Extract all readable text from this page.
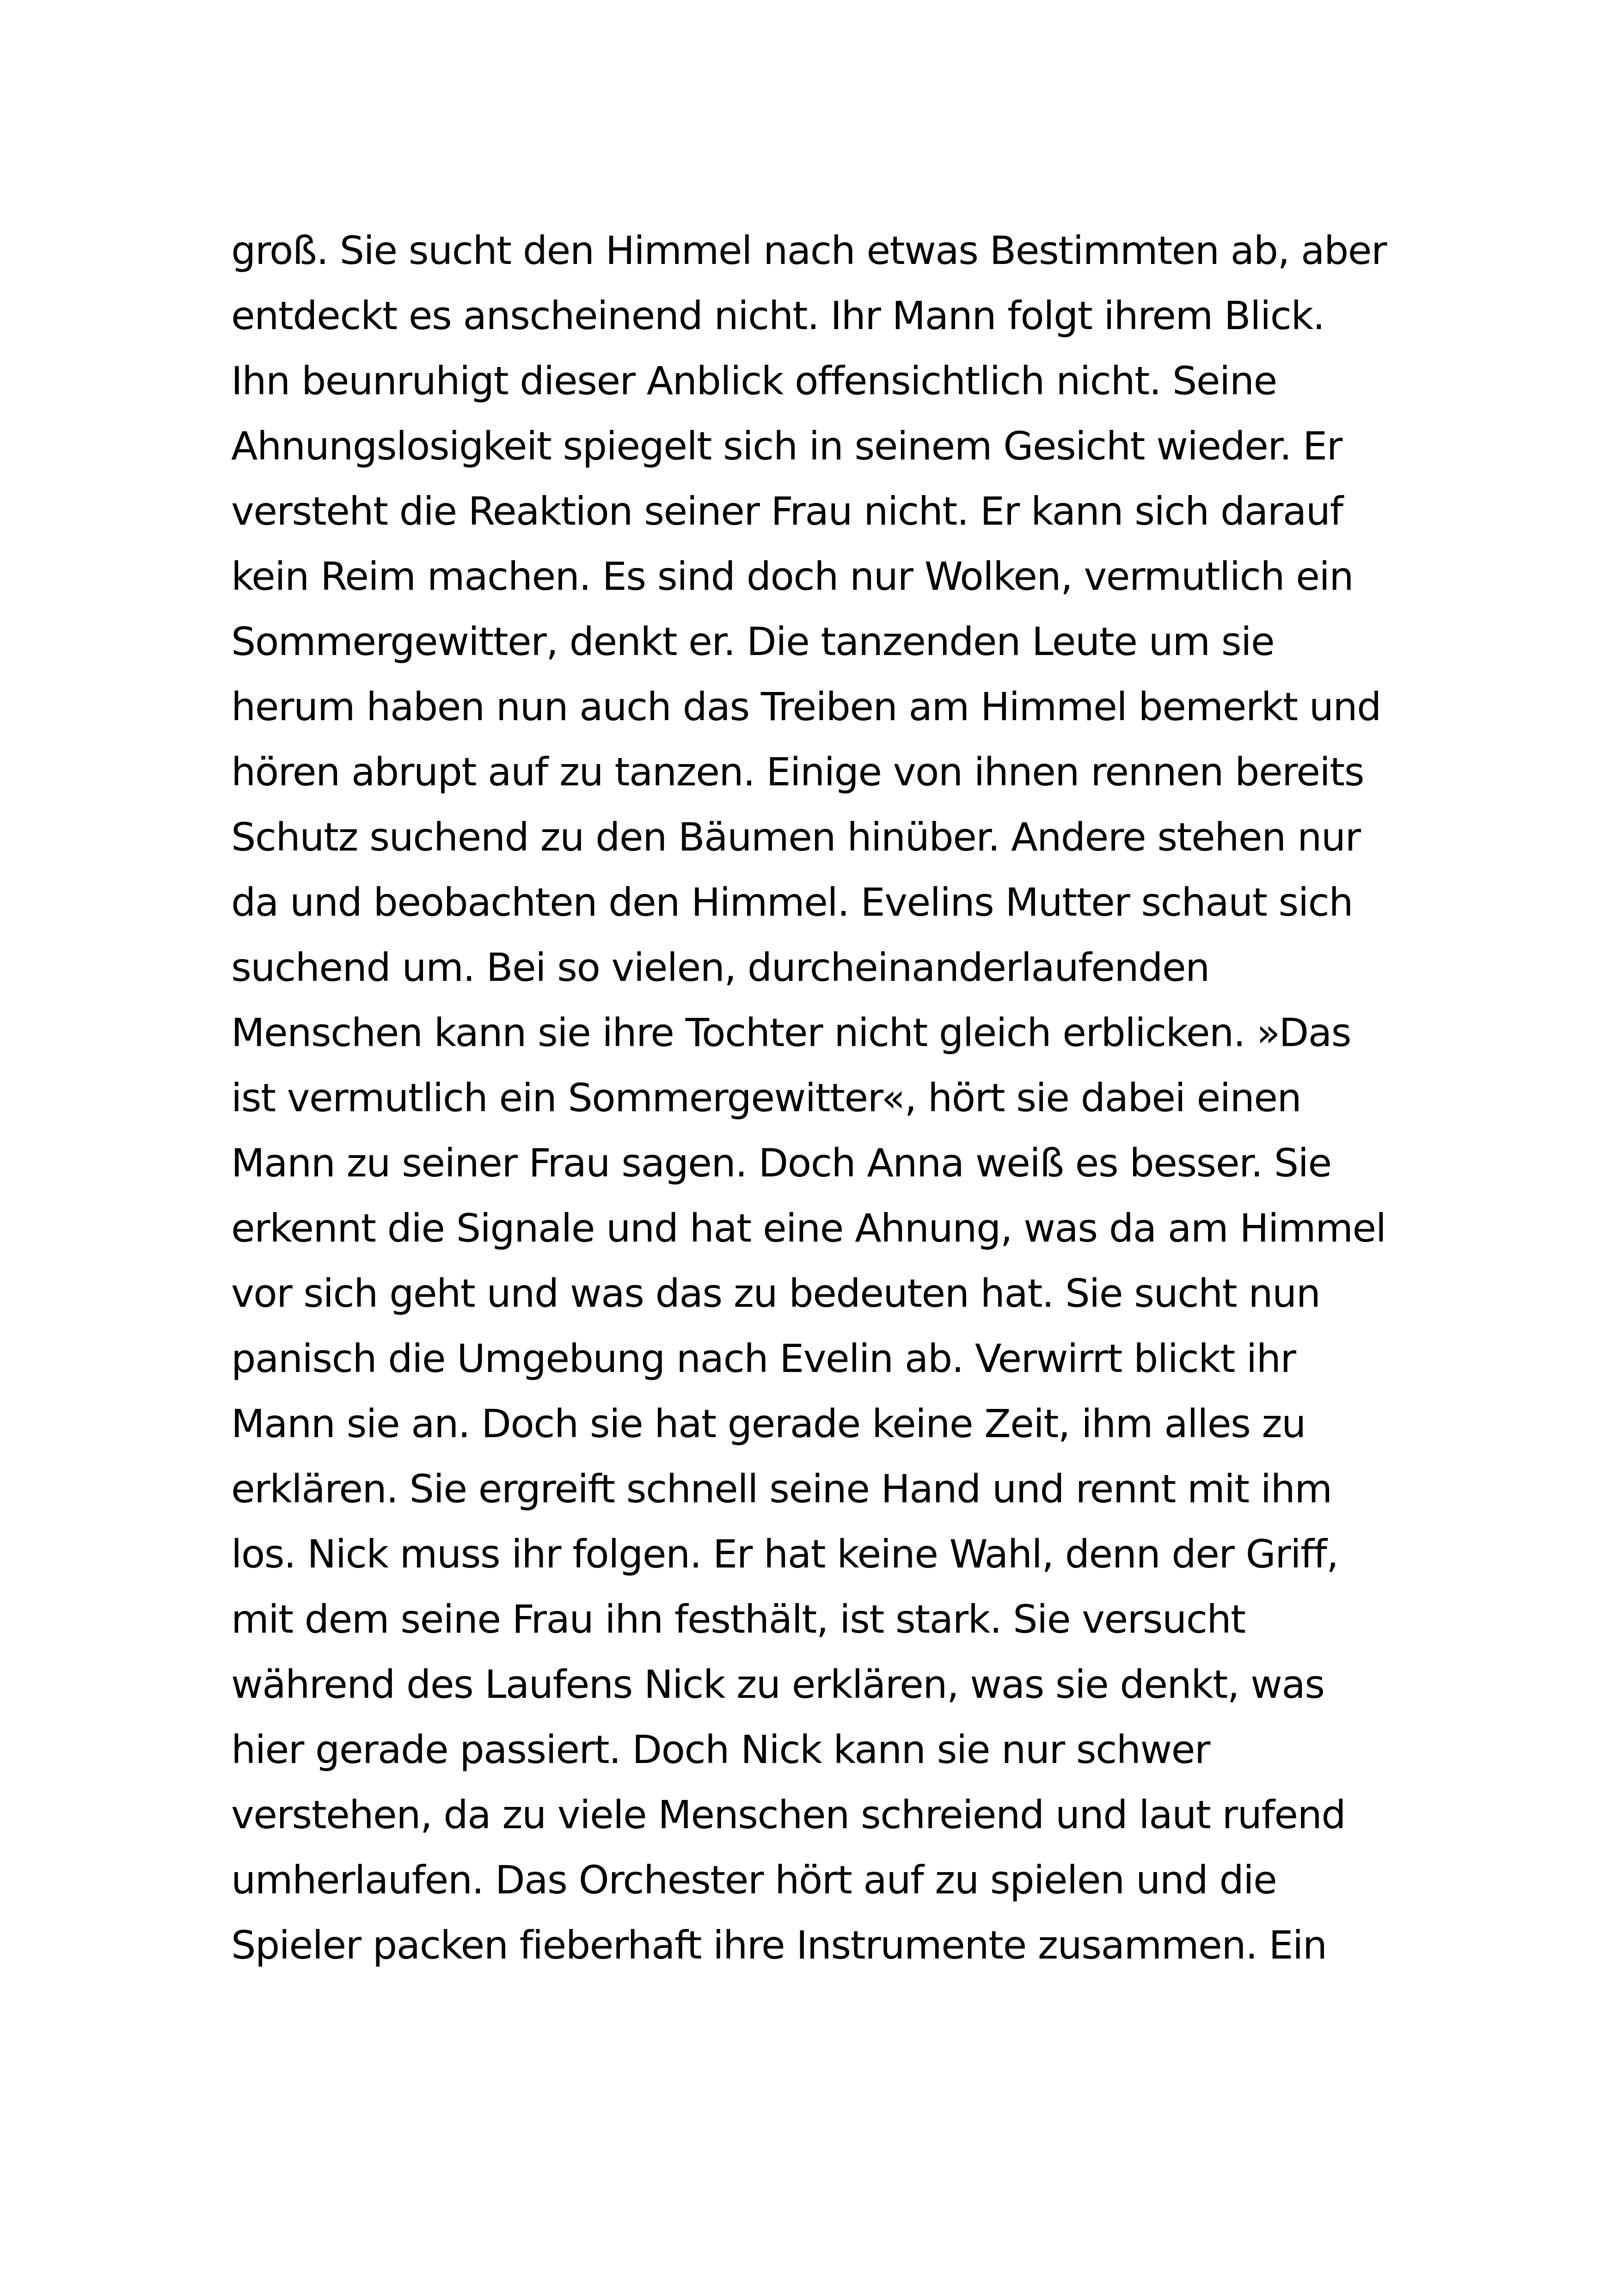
groß. Sie sucht den Himmel nach etwas Bestimmten ab, aber
entdeckt es anscheinend nicht. Ihr Mann folgt ihrem Blick.
Ihn beunruhigt dieser Anblick offensichtlich nicht. Seine
Ahnungslosigkeit spiegelt sich in seinem Gesicht wieder. Er
versteht die Reaktion seiner Frau nicht. Er kann sich darauf
kein Reim machen. Es sind doch nur Wolken, vermutlich ein
Sommergewitter, denkt er. Die tanzenden Leute um sie
herum haben nun auch das Treiben am Himmel bemerkt und
hören abrupt auf zu tanzen. Einige von ihnen rennen bereits
Schutz suchend zu den Bäumen hinüber. Andere stehen nur
da und beobachten den Himmel. Evelins Mutter schaut sich
suchend um. Bei so vielen, durcheinanderlaufenden
Menschen kann sie ihre Tochter nicht gleich erblicken. »Das
ist vermutlich ein Sommergewitter«, hört sie dabei einen
Mann zu seiner Frau sagen. Doch Anna weiß es besser. Sie
erkennt die Signale und hat eine Ahnung, was da am Himmel
vor sich geht und was das zu bedeuten hat. Sie sucht nun
panisch die Umgebung nach Evelin ab. Verwirrt blickt ihr
Mann sie an. Doch sie hat gerade keine Zeit, ihm alles zu
erklären. Sie ergreift schnell seine Hand und rennt mit ihm
los. Nick muss ihr folgen. Er hat keine Wahl, denn der Griff,
mit dem seine Frau ihn festhält, ist stark. Sie versucht
während des Laufens Nick zu erklären, was sie denkt, was
hier gerade passiert. Doch Nick kann sie nur schwer
verstehen, da zu viele Menschen schreiend und laut rufend
umherlaufen. Das Orchester hört auf zu spielen und die
Spieler packen fieberhaft ihre Instrumente zusammen. Ein
